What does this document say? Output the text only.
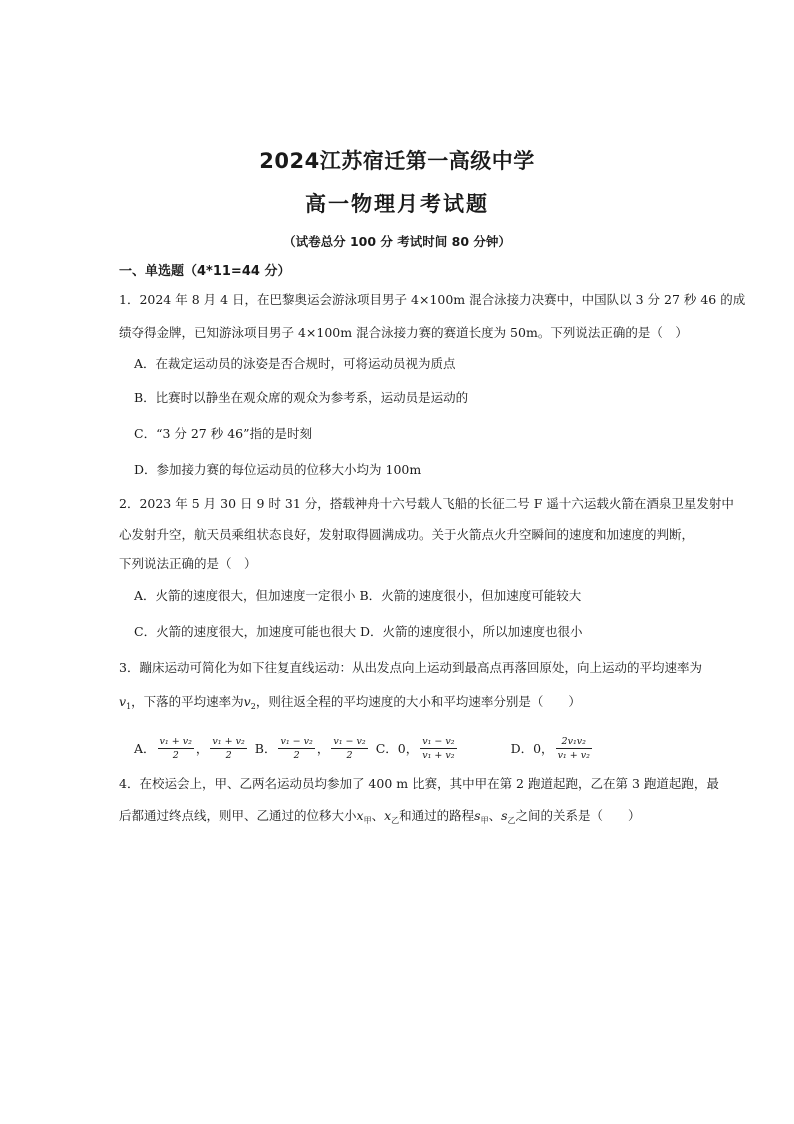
2024江苏宿迁第一高级中学
高一物理月考试题
（试卷总分 100 分 考试时间 80 分钟）
一、单选题（4*11=44 分）
1．2024 年 8 月 4 日，在巴黎奥运会游泳项目男子 4×100m 混合泳接力决赛中，中国队以 3 分 27 秒 46 的成
绩夺得金牌，已知游泳项目男子 4×100m 混合泳接力赛的赛道长度为 50m。下列说法正确的是（　）
A．在裁定运动员的泳姿是否合规时，可将运动员视为质点
B．比赛时以静坐在观众席的观众为参考系，运动员是运动的
C．“3 分 27 秒 46”指的是时刻
D．参加接力赛的每位运动员的位移大小均为 100m
2．2023 年 5 月 30 日 9 时 31 分，搭载神舟十六号载人飞船的长征二号 F 遥十六运载火箭在酒泉卫星发射中
心发射升空，航天员乘组状态良好，发射取得圆满成功。关于火箭点火升空瞬间的速度和加速度的判断，
下列说法正确的是（　）
A．火箭的速度很大，但加速度一定很小 B．火箭的速度很小，但加速度可能较大
C．火箭的速度很大，加速度可能也很大 D．火箭的速度很小，所以加速度也很小
3．蹦床运动可简化为如下往复直线运动：从出发点向上运动到最高点再落回原处，向上运动的平均速率为
$v_1$，下落的平均速率为$v_2$，则往返全程的平均速度的大小和平均速率分别是（　　）
A． $\frac{\text{v₁ + v₂}}{2}$ ， $\frac{\text{v₁ + v₂}}{2}$ B． $\frac{\text{v₁ − v₂}}{2}$ ， $\frac{\text{v₁ − v₂}}{2}$ C．0， $\frac{\text{v₁ − v₂}}{\text{v₁ + v₂}}$	D．0， $\frac{\text{2v₁v₂}}{\text{v₁ + v₂}}$
4．在校运会上，甲、乙两名运动员均参加了 400 m 比赛，其中甲在第 2 跑道起跑，乙在第 3 跑道起跑，最
后都通过终点线，则甲、乙通过的位移大小$x_甲$、$x_乙$和通过的路程$s_甲$、$s_乙$之间的关系是（　　）
